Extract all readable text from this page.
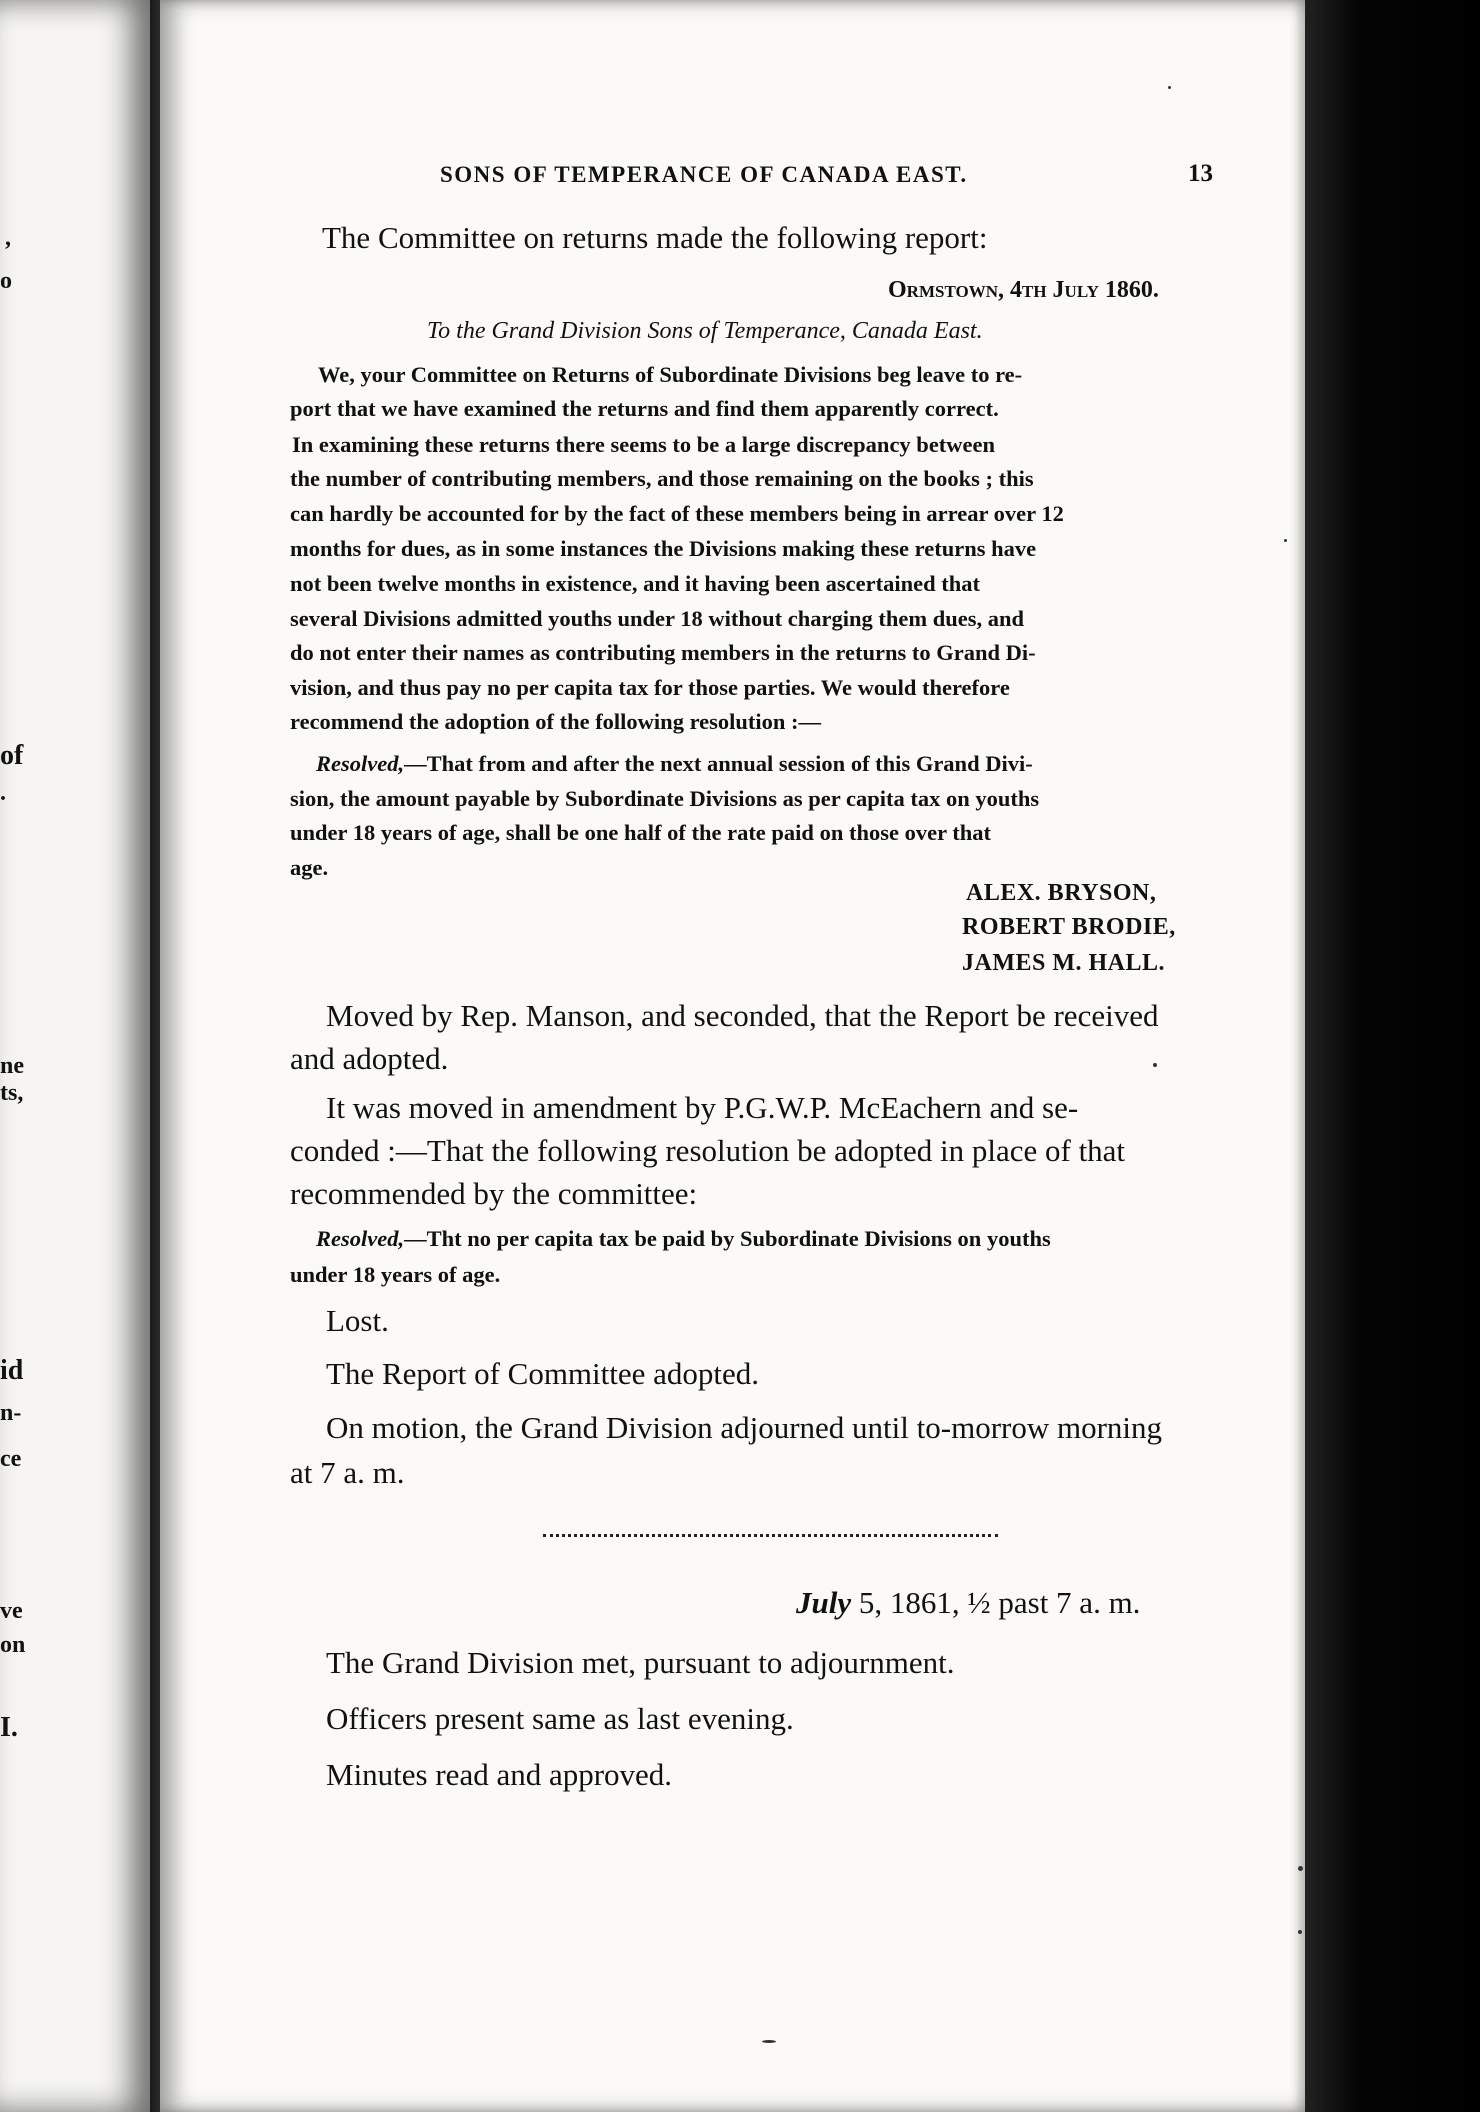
,
o
of
.
ne
ts,
id
n-
ce
ve
on
I.
SONS OF TEMPERANCE OF CANADA EAST.	13
The Committee on returns made the following report:
Ormstown, 4th July 1860.
To the Grand Division Sons of Temperance, Canada East.
We, your Committee on Returns of Subordinate Divisions beg leave to re-
port that we have examined the returns and find them apparently correct.
In examining these returns there seems to be a large discrepancy between
the number of contributing members, and those remaining on the books ; this
can hardly be accounted for by the fact of these members being in arrear over 12
months for dues, as in some instances the Divisions making these returns have
not been twelve months in existence, and it having been ascertained that
several Divisions admitted youths under 18 without charging them dues, and
do not enter their names as contributing members in the returns to Grand Di-
vision, and thus pay no per capita tax for those parties. We would therefore
recommend the adoption of the following resolution :—
Resolved,—That from and after the next annual session of this Grand Divi-
sion, the amount payable by Subordinate Divisions as per capita tax on youths
under 18 years of age, shall be one half of the rate paid on those over that
age.
ALEX. BRYSON,
ROBERT BRODIE,
JAMES M. HALL.
Moved by Rep. Manson, and seconded, that the Report be received
and adopted.
It was moved in amendment by P.G.W.P. McEachern and se-
conded :—That the following resolution be adopted in place of that
recommended by the committee:
Resolved,—Tht no per capita tax be paid by Subordinate Divisions on youths
under 18 years of age.
Lost.
The Report of Committee adopted.
On motion, the Grand Division adjourned until to-morrow morning
at 7 a. m.
July 5, 1861, ½ past 7 a. m.
The Grand Division met, pursuant to adjournment.
Officers present same as last evening.
Minutes read and approved.
